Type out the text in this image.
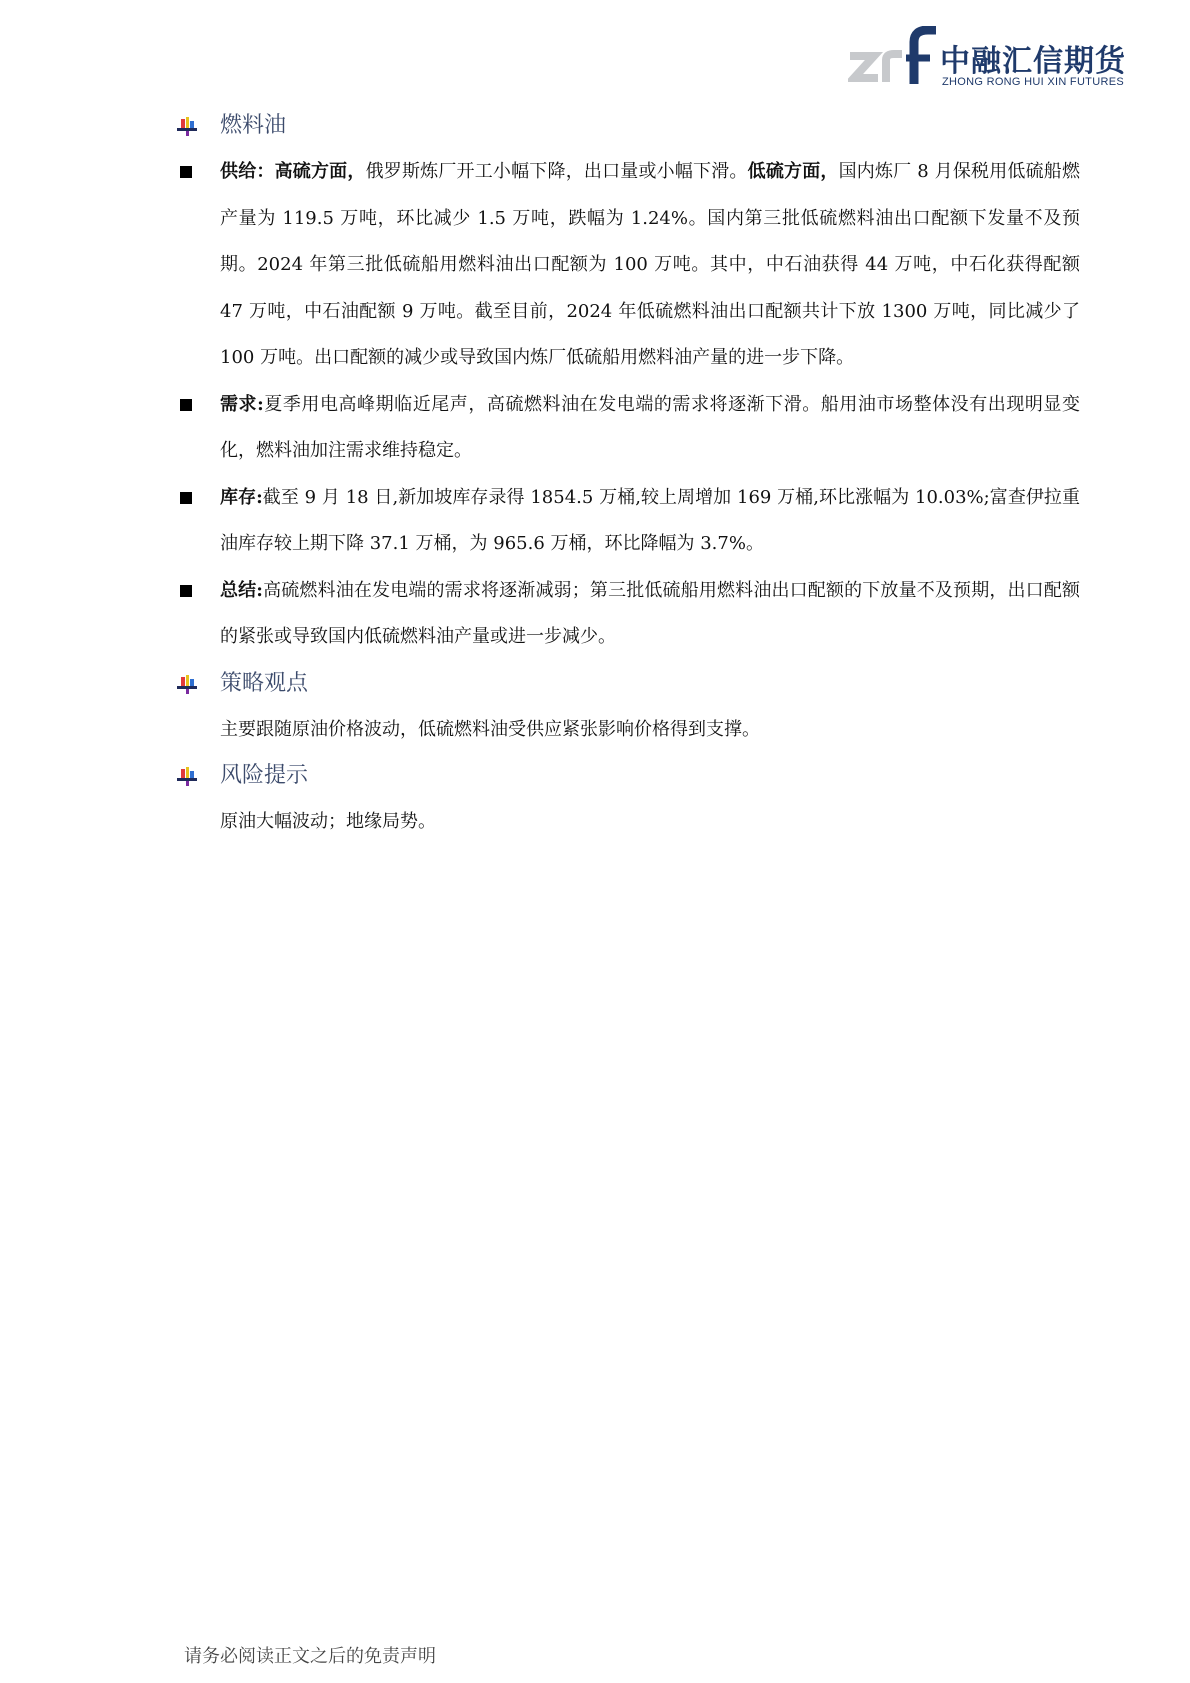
中融汇信期货
ZHONG RONG HUI XIN FUTURES
燃料油
供给：高硫方面，俄罗斯炼厂开工小幅下降，出口量或小幅下滑。低硫方面，国内炼厂 8 月保税用低硫船燃产量为 119.5 万吨，环比减少 1.5 万吨，跌幅为 1.24%。国内第三批低硫燃料油出口配额下发量不及预期。2024 年第三批低硫船用燃料油出口配额为 100 万吨。其中，中石油获得 44 万吨，中石化获得配额 47 万吨，中石油配额 9 万吨。截至目前，2024 年低硫燃料油出口配额共计下放 1300 万吨，同比减少了 100 万吨。出口配额的减少或导致国内炼厂低硫船用燃料油产量的进一步下降。
需求:夏季用电高峰期临近尾声，高硫燃料油在发电端的需求将逐渐下滑。船用油市场整体没有出现明显变化，燃料油加注需求维持稳定。
库存:截至 9 月 18 日,新加坡库存录得 1854.5 万桶,较上周增加 169 万桶,环比涨幅为 10.03%;富查伊拉重油库存较上期下降 37.1 万桶，为 965.6 万桶，环比降幅为 3.7%。
总结:高硫燃料油在发电端的需求将逐渐减弱；第三批低硫船用燃料油出口配额的下放量不及预期，出口配额的紧张或导致国内低硫燃料油产量或进一步减少。
策略观点
主要跟随原油价格波动，低硫燃料油受供应紧张影响价格得到支撑。
风险提示
原油大幅波动；地缘局势。
请务必阅读正文之后的免责声明
